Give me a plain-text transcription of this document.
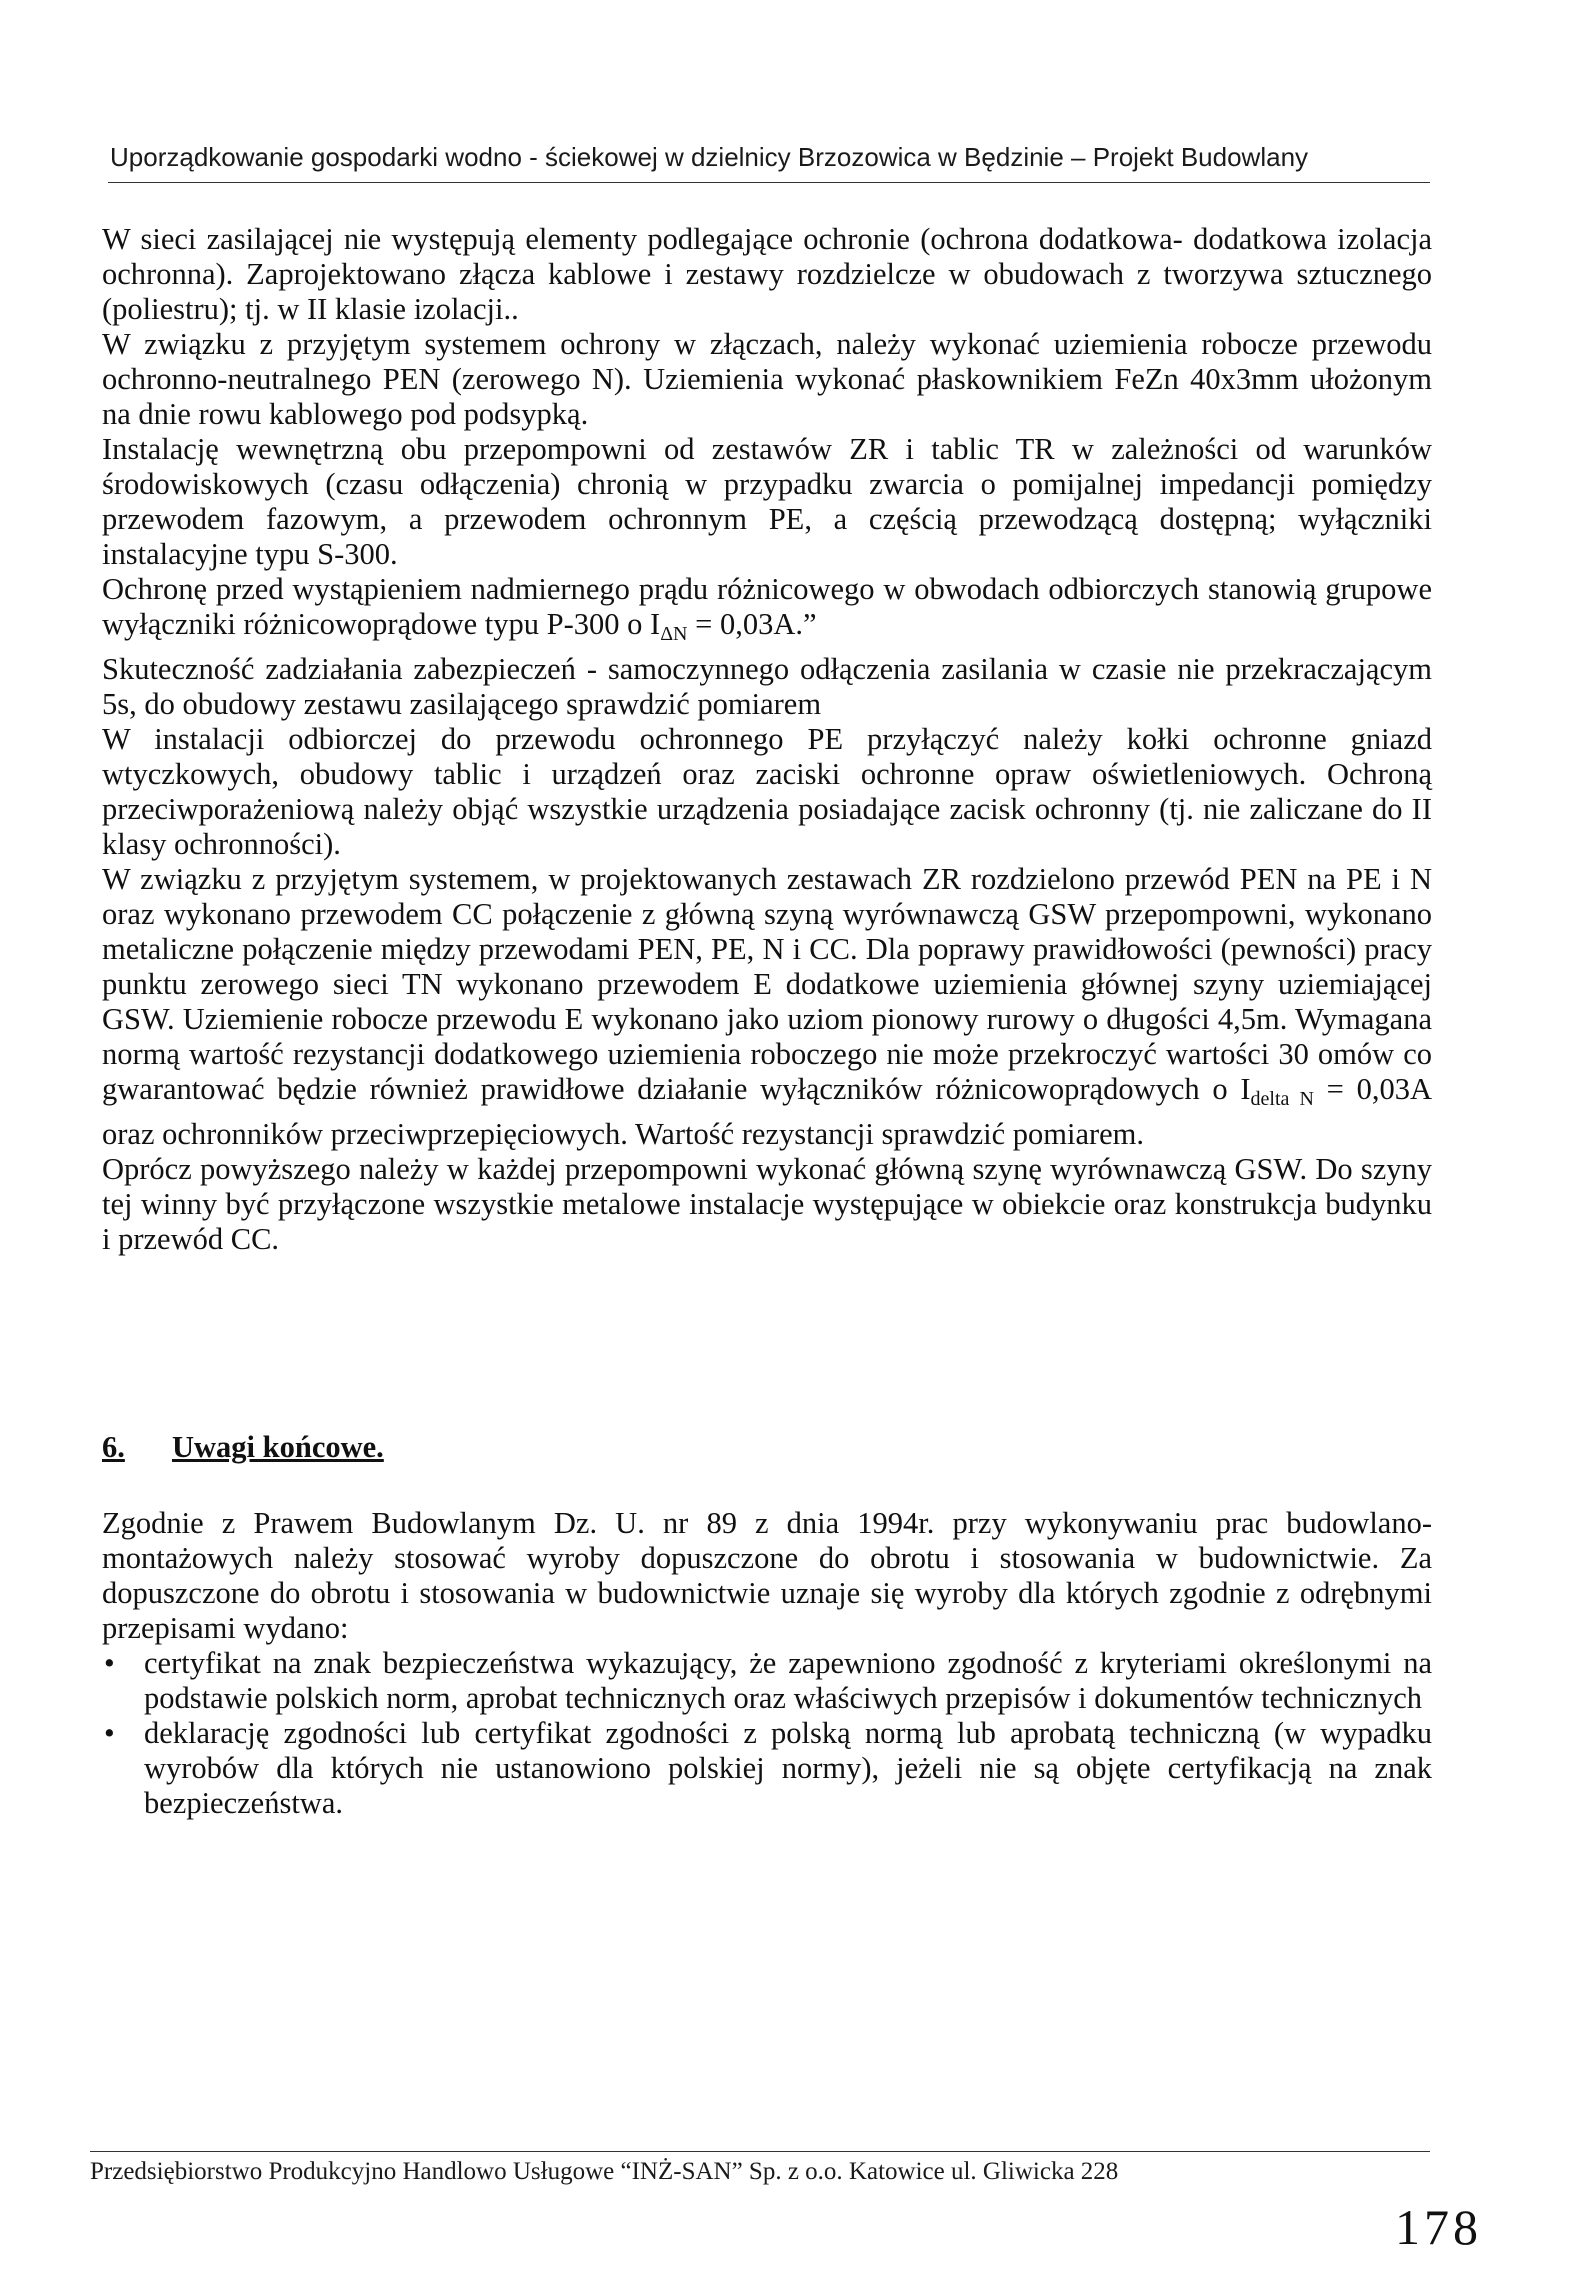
Uporządkowanie gospodarki wodno - ściekowej w dzielnicy Brzozowica w Będzinie – Projekt Budowlany

W sieci zasilającej nie występują elementy podlegające ochronie (ochrona dodatkowa- dodatkowa izolacja ochronna). Zaprojektowano złącza kablowe i zestawy rozdzielcze w obudowach z tworzywa sztucznego (poliestru); tj. w II klasie izolacji..

W związku z przyjętym systemem ochrony w złączach, należy wykonać uziemienia robocze przewodu ochronno-neutralnego PEN (zerowego N). Uziemienia wykonać płaskownikiem FeZn 40x3mm ułożonym na dnie rowu kablowego pod podsypką.

Instalację wewnętrzną obu przepompowni od zestawów ZR i tablic TR w zależności od warunków środowiskowych (czasu odłączenia) chronią w przypadku zwarcia o pomijalnej impedancji pomiędzy przewodem fazowym, a przewodem ochronnym PE, a częścią przewodzącą dostępną; wyłączniki instalacyjne typu S-300.

Ochronę przed wystąpieniem nadmiernego prądu różnicowego w obwodach odbiorczych stanowią grupowe wyłączniki różnicowoprądowe typu P-300 o $I_{\Delta N} = 0,03A$.”

Skuteczność zadziałania zabezpieczeń - samoczynnego odłączenia zasilania w czasie nie przekraczającym 5s, do obudowy zestawu zasilającego sprawdzić pomiarem

W instalacji odbiorczej do przewodu ochronnego PE przyłączyć należy kołki ochronne gniazd wtyczkowych, obudowy tablic i urządzeń oraz zaciski ochronne opraw oświetleniowych. Ochroną przeciwporażeniową należy objąć wszystkie urządzenia posiadające zacisk ochronny (tj. nie zaliczane do II klasy ochronności).

W związku z przyjętym systemem, w projektowanych zestawach ZR rozdzielono przewód PEN na PE i N oraz wykonano przewodem CC połączenie z główną szyną wyrównawczą GSW przepompowni, wykonano metaliczne połączenie między przewodami PEN, PE, N i CC. Dla poprawy prawidłowości (pewności) pracy punktu zerowego sieci TN wykonano przewodem E dodatkowe uziemienia głównej szyny uziemiającej GSW. Uziemienie robocze przewodu E wykonano jako uziom pionowy rurowy o długości 4,5m. Wymagana normą wartość rezystancji dodatkowego uziemienia roboczego nie może przekroczyć wartości 30 omów co gwarantować będzie również prawidłowe działanie wyłączników różnicowoprądowych o $I_{delta N} = 0,03A$ oraz ochronników przeciwprzepięciowych. Wartość rezystancji sprawdzić pomiarem.

Oprócz powyższego należy w każdej przepompowni wykonać główną szynę wyrównawczą GSW. Do szyny tej winny być przyłączone wszystkie metalowe instalacje występujące w obiekcie oraz konstrukcja budynku i przewód CC.

6. Uwagi końcowe.

Zgodnie z Prawem Budowlanym Dz. U. nr 89 z dnia 1994r. przy wykonywaniu prac budowlano-montażowych należy stosować wyroby dopuszczone do obrotu i stosowania w budownictwie. Za dopuszczone do obrotu i stosowania w budownictwie uznaje się wyroby dla których zgodnie z odrębnymi przepisami wydano:

• certyfikat na znak bezpieczeństwa wykazujący, że zapewniono zgodność z kryteriami określonymi na podstawie polskich norm, aprobat technicznych oraz właściwych przepisów i dokumentów technicznych
• deklarację zgodności lub certyfikat zgodności z polską normą lub aprobatą techniczną (w wypadku wyrobów dla których nie ustanowiono polskiej normy), jeżeli nie są objęte certyfikacją na znak bezpieczeństwa.
Przedsiębiorstwo Produkcyjno Handlowo Usługowe “INŻ-SAN” Sp. z o.o. Katowice ul. Gliwicka 228
178
